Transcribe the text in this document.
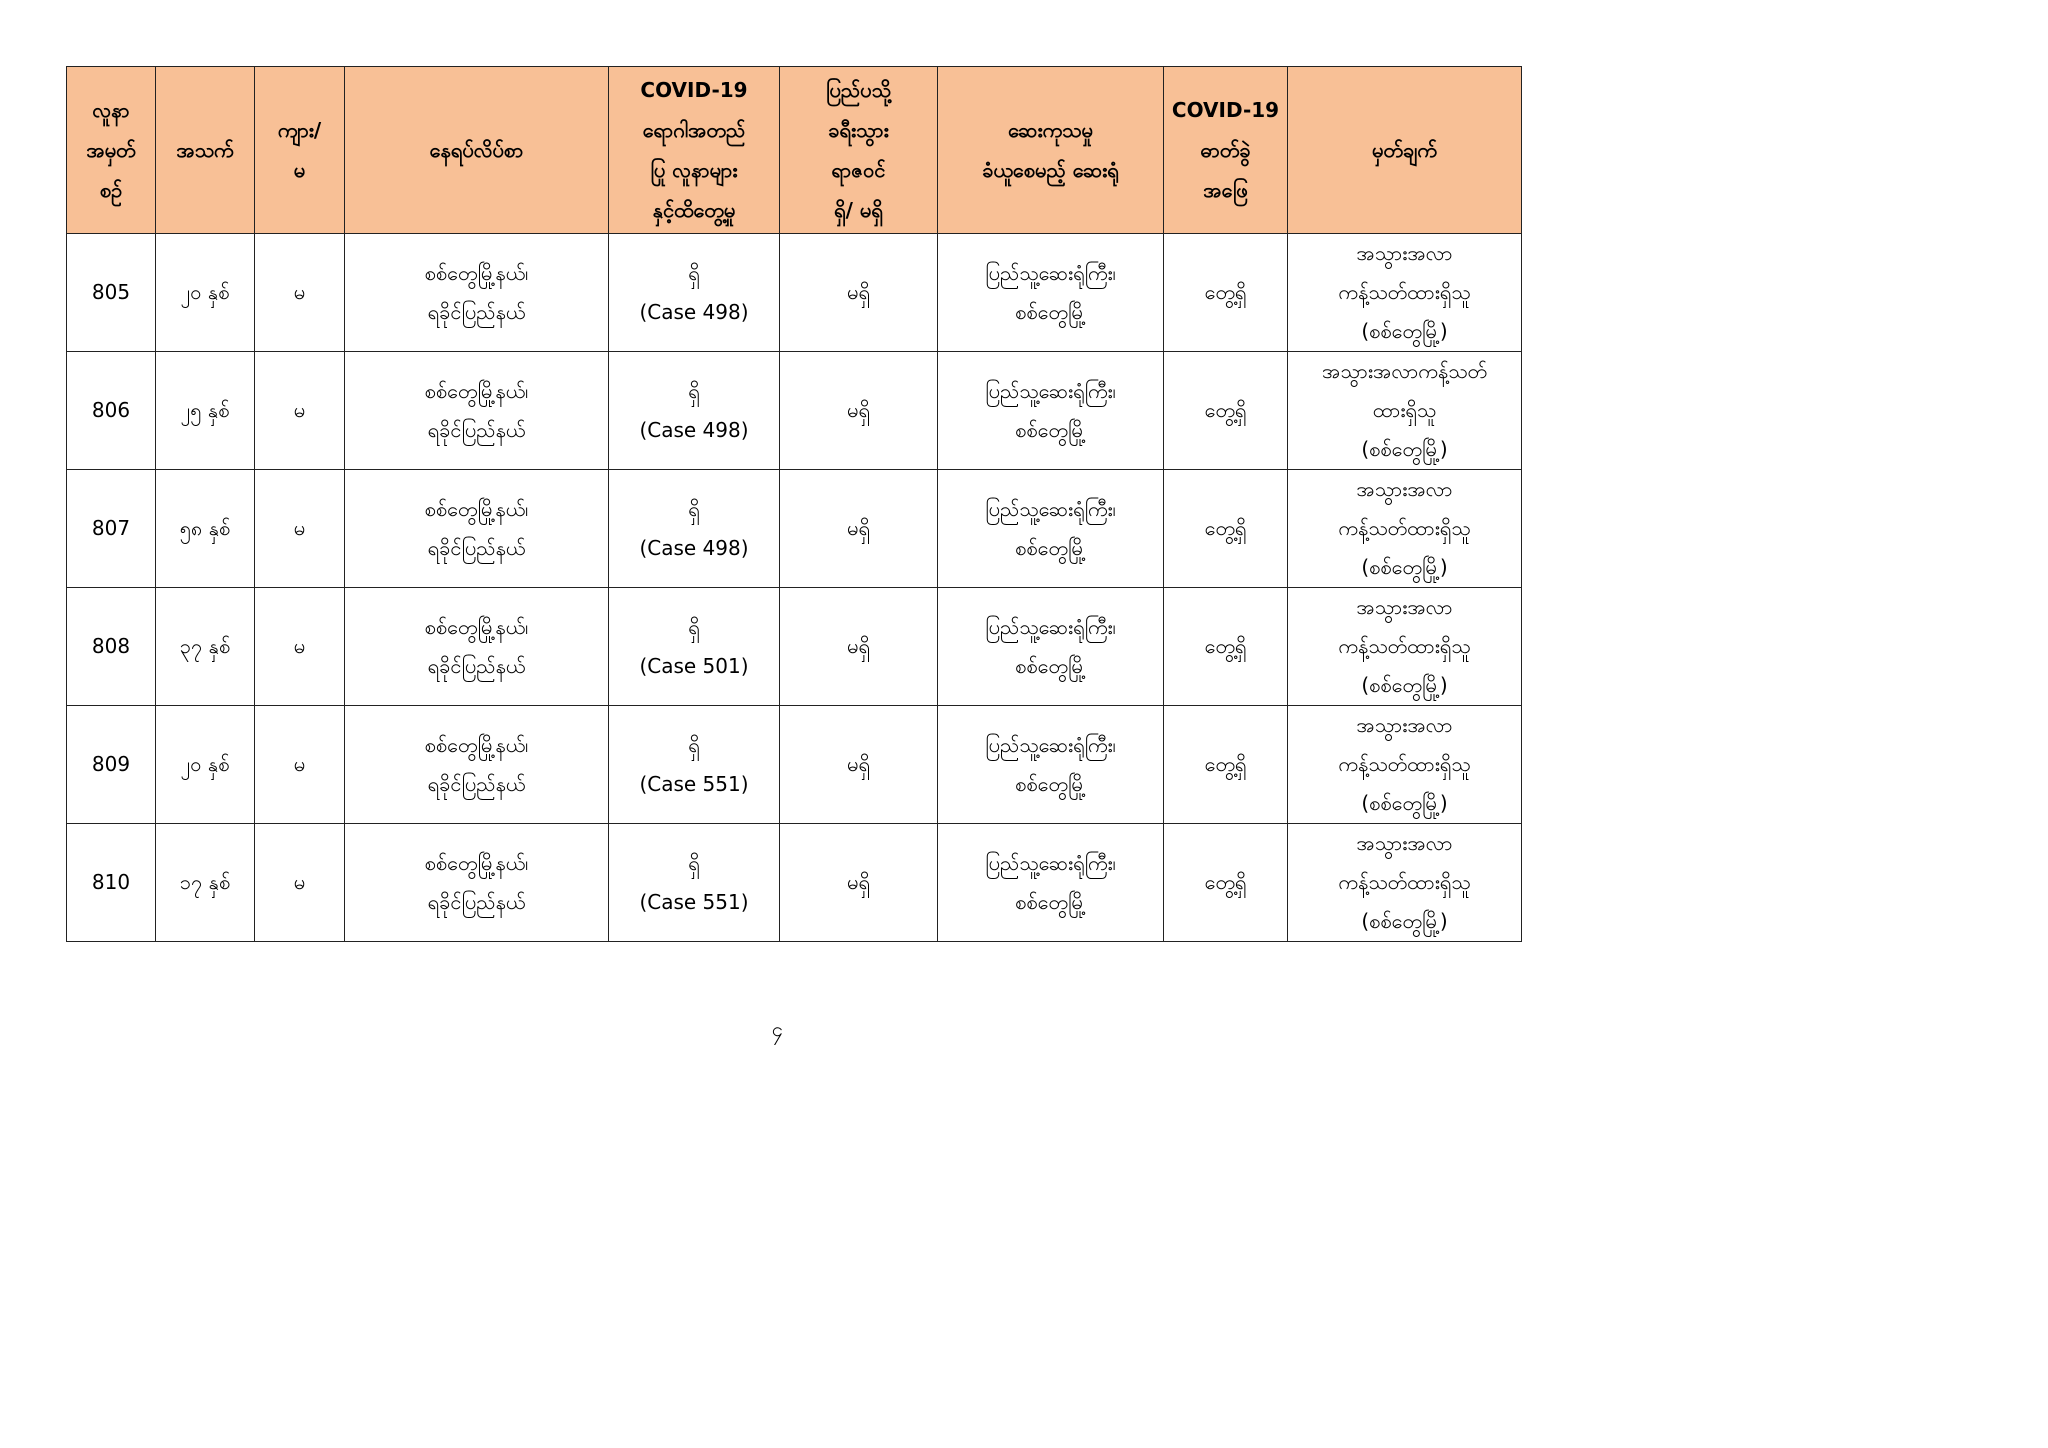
လူနာ
အမှတ်
စဉ်	အသက်	ကျား/
မ	နေရပ်လိပ်စာ	COVID-19
ရောဂါအတည်
ပြု လူနာများ
နှင့်ထိတွေ့မှု	ပြည်ပသို့
ခရီးသွား
ရာဇဝင်
ရှိ/ မရှိ	ဆေးကုသမှု
ခံယူစေမည့် ဆေးရုံ	COVID-19
ဓာတ်ခွဲ
အဖြေ	မှတ်ချက်

805	၂၀ နှစ်	မ	စစ်တွေမြို့နယ်၊
ရခိုင်ပြည်နယ်	ရှိ
(Case 498)	မရှိ	ပြည်သူ့ဆေးရုံကြီး၊
စစ်တွေမြို့	တွေ့ရှိ	အသွားအလာ
ကန့်သတ်ထားရှိသူ
(စစ်တွေမြို့)

806	၂၅ နှစ်	မ	စစ်တွေမြို့နယ်၊
ရခိုင်ပြည်နယ်	ရှိ
(Case 498)	မရှိ	ပြည်သူ့ဆေးရုံကြီး၊
စစ်တွေမြို့	တွေ့ရှိ	အသွားအလာကန့်သတ်
ထားရှိသူ
(စစ်တွေမြို့)

807	၅၈ နှစ်	မ	စစ်တွေမြို့နယ်၊
ရခိုင်ပြည်နယ်	ရှိ
(Case 498)	မရှိ	ပြည်သူ့ဆေးရုံကြီး၊
စစ်တွေမြို့	တွေ့ရှိ	အသွားအလာ
ကန့်သတ်ထားရှိသူ
(စစ်တွေမြို့)

808	၃၇ နှစ်	မ	စစ်တွေမြို့နယ်၊
ရခိုင်ပြည်နယ်	ရှိ
(Case 501)	မရှိ	ပြည်သူ့ဆေးရုံကြီး၊
စစ်တွေမြို့	တွေ့ရှိ	အသွားအလာ
ကန့်သတ်ထားရှိသူ
(စစ်တွေမြို့)

809	၂၀ နှစ်	မ	စစ်တွေမြို့နယ်၊
ရခိုင်ပြည်နယ်	ရှိ
(Case 551)	မရှိ	ပြည်သူ့ဆေးရုံကြီး၊
စစ်တွေမြို့	တွေ့ရှိ	အသွားအလာ
ကန့်သတ်ထားရှိသူ
(စစ်တွေမြို့)

810	၁၇ နှစ်	မ	စစ်တွေမြို့နယ်၊
ရခိုင်ပြည်နယ်	ရှိ
(Case 551)	မရှိ	ပြည်သူ့ဆေးရုံကြီး၊
စစ်တွေမြို့	တွေ့ရှိ	အသွားအလာ
ကန့်သတ်ထားရှိသူ
(စစ်တွေမြို့)
၄
